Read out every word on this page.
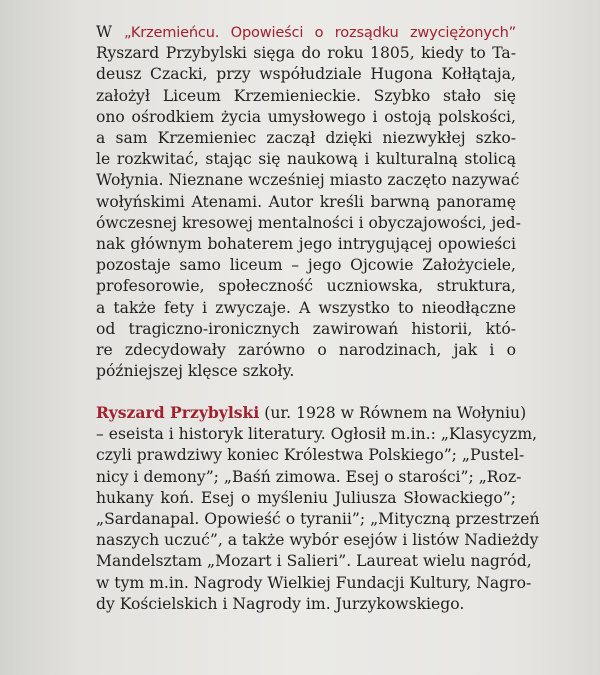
W „Krzemieńcu. Opowieści o rozsądku zwyciężonych”
Ryszard Przybylski sięga do roku 1805, kiedy to Ta-
deusz Czacki, przy współudziale Hugona Kołłątaja,
założył Liceum Krzemienieckie. Szybko stało się
ono ośrodkiem życia umysłowego i ostoją polskości,
a sam Krzemieniec zaczął dzięki niezwykłej szko-
le rozkwitać, stając się naukową i kulturalną stolicą
Wołynia. Nieznane wcześniej miasto zaczęto nazywać
wołyńskimi Atenami. Autor kreśli barwną panoramę
ówczesnej kresowej mentalności i obyczajowości, jed-
nak głównym bohaterem jego intrygującej opowieści
pozostaje samo liceum – jego Ojcowie Założyciele,
profesorowie, społeczność uczniowska, struktura,
a także fety i zwyczaje. A wszystko to nieodłączne
od tragiczno-ironicznych zawirowań historii, któ-
re zdecydowały zarówno o narodzinach, jak i o
późniejszej klęsce szkoły.
Ryszard Przybylski (ur. 1928 w Równem na Wołyniu)
– eseista i historyk literatury. Ogłosił m.in.: „Klasycyzm,
czyli prawdziwy koniec Królestwa Polskiego”; „Pustel-
nicy i demony”; „Baśń zimowa. Esej o starości”; „Roz-
hukany koń. Esej o myśleniu Juliusza Słowackiego”;
„Sardanapal. Opowieść o tyranii”; „Mityczną przestrzeń
naszych uczuć”, a także wybór esejów i listów Nadieżdy
Mandelsztam „Mozart i Salieri”. Laureat wielu nagród,
w tym m.in. Nagrody Wielkiej Fundacji Kultury, Nagro-
dy Kościelskich i Nagrody im. Jurzykowskiego.
